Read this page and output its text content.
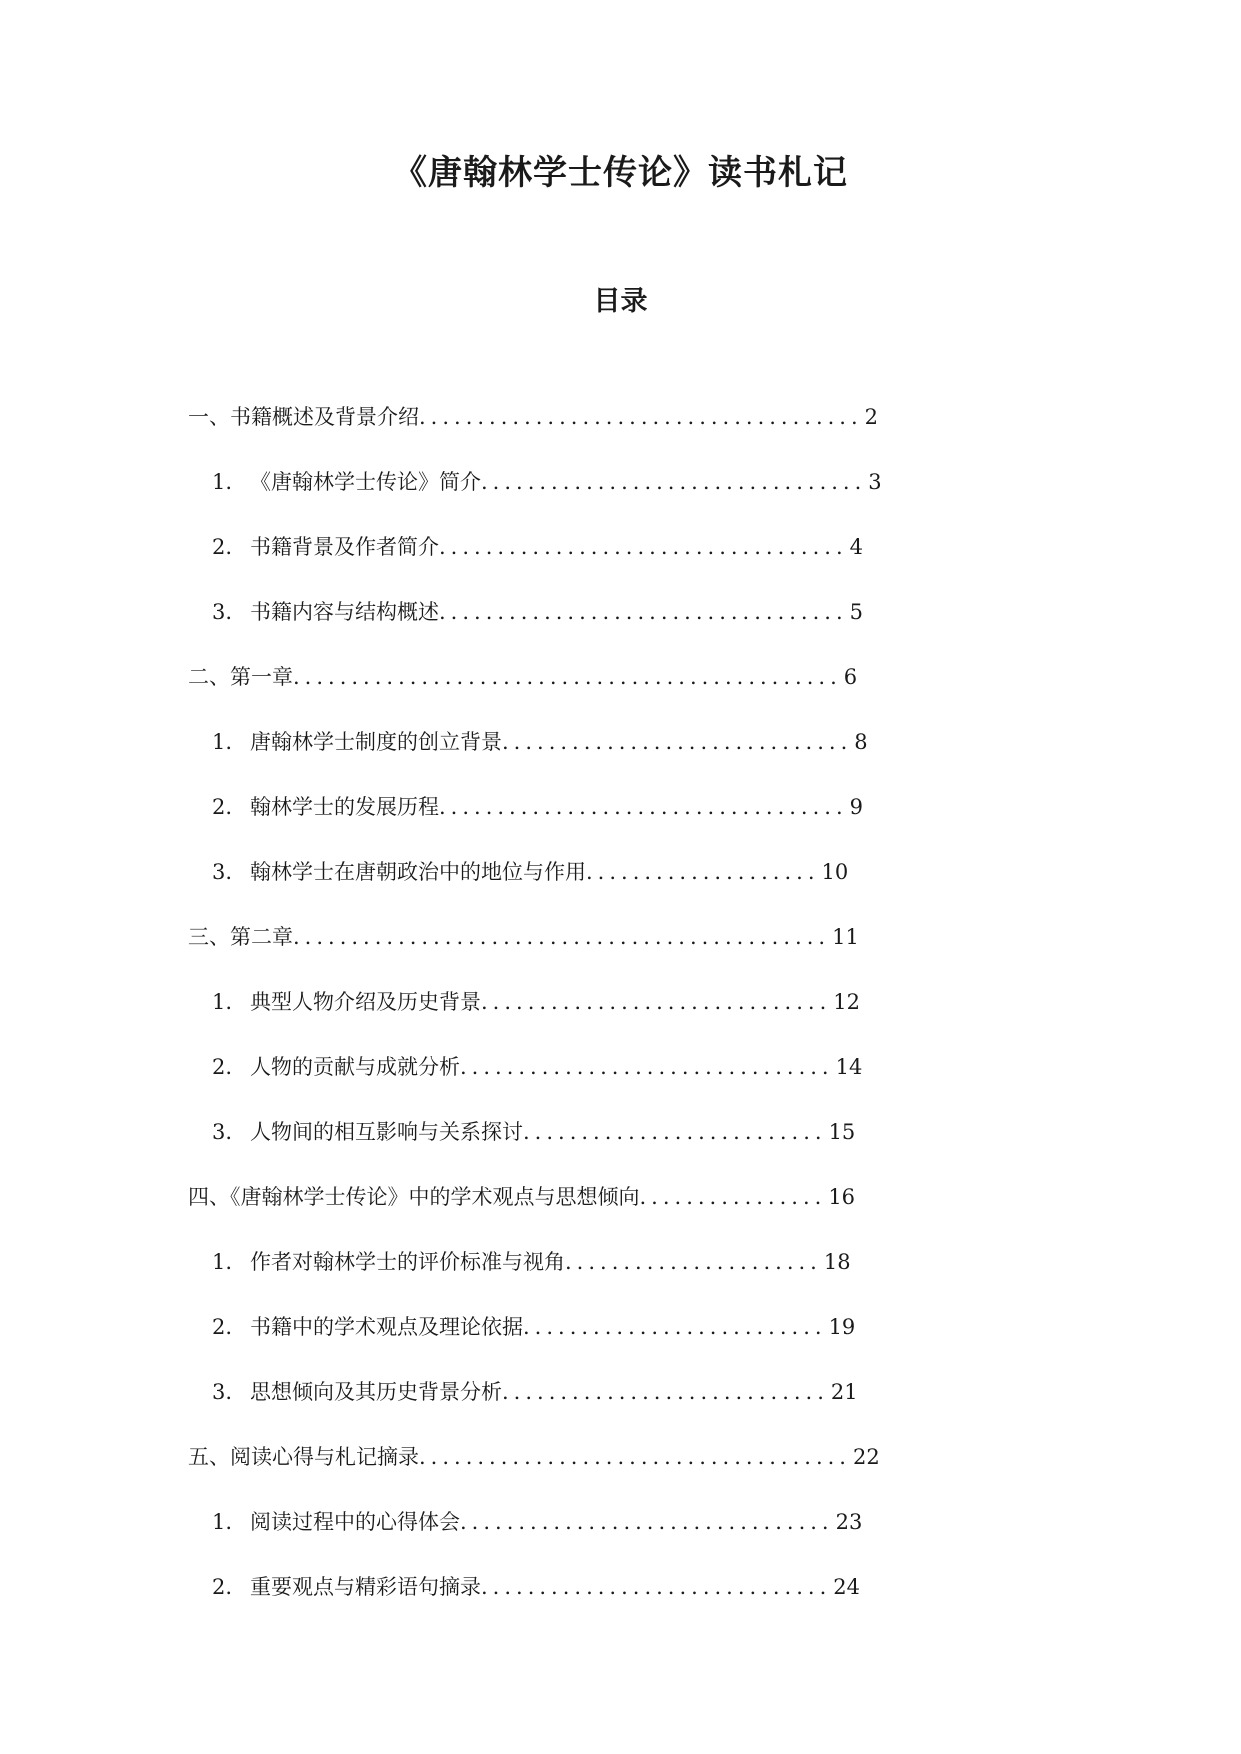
《唐翰林学士传论》读书札记
目录
一、书籍概述及背景介绍 ...................................... 2
1. 《唐翰林学士传论》简介 ................................. 3
2. 书籍背景及作者简介 ................................... 4
3. 书籍内容与结构概述 ................................... 5
二、第一章 ............................................... 6
1. 唐翰林学士制度的创立背景 .............................. 8
2. 翰林学士的发展历程 ................................... 9
3. 翰林学士在唐朝政治中的地位与作用 .................... 10
三、第二章 .............................................. 11
1. 典型人物介绍及历史背景 .............................. 12
2. 人物的贡献与成就分析 ................................ 14
3. 人物间的相互影响与关系探讨 .......................... 15
四、《唐翰林学士传论》中的学术观点与思想倾向 ................ 16
1. 作者对翰林学士的评价标准与视角 ...................... 18
2. 书籍中的学术观点及理论依据 .......................... 19
3. 思想倾向及其历史背景分析 ............................ 21
五、阅读心得与札记摘录 ..................................... 22
1. 阅读过程中的心得体会 ................................ 23
2. 重要观点与精彩语句摘录 .............................. 24
